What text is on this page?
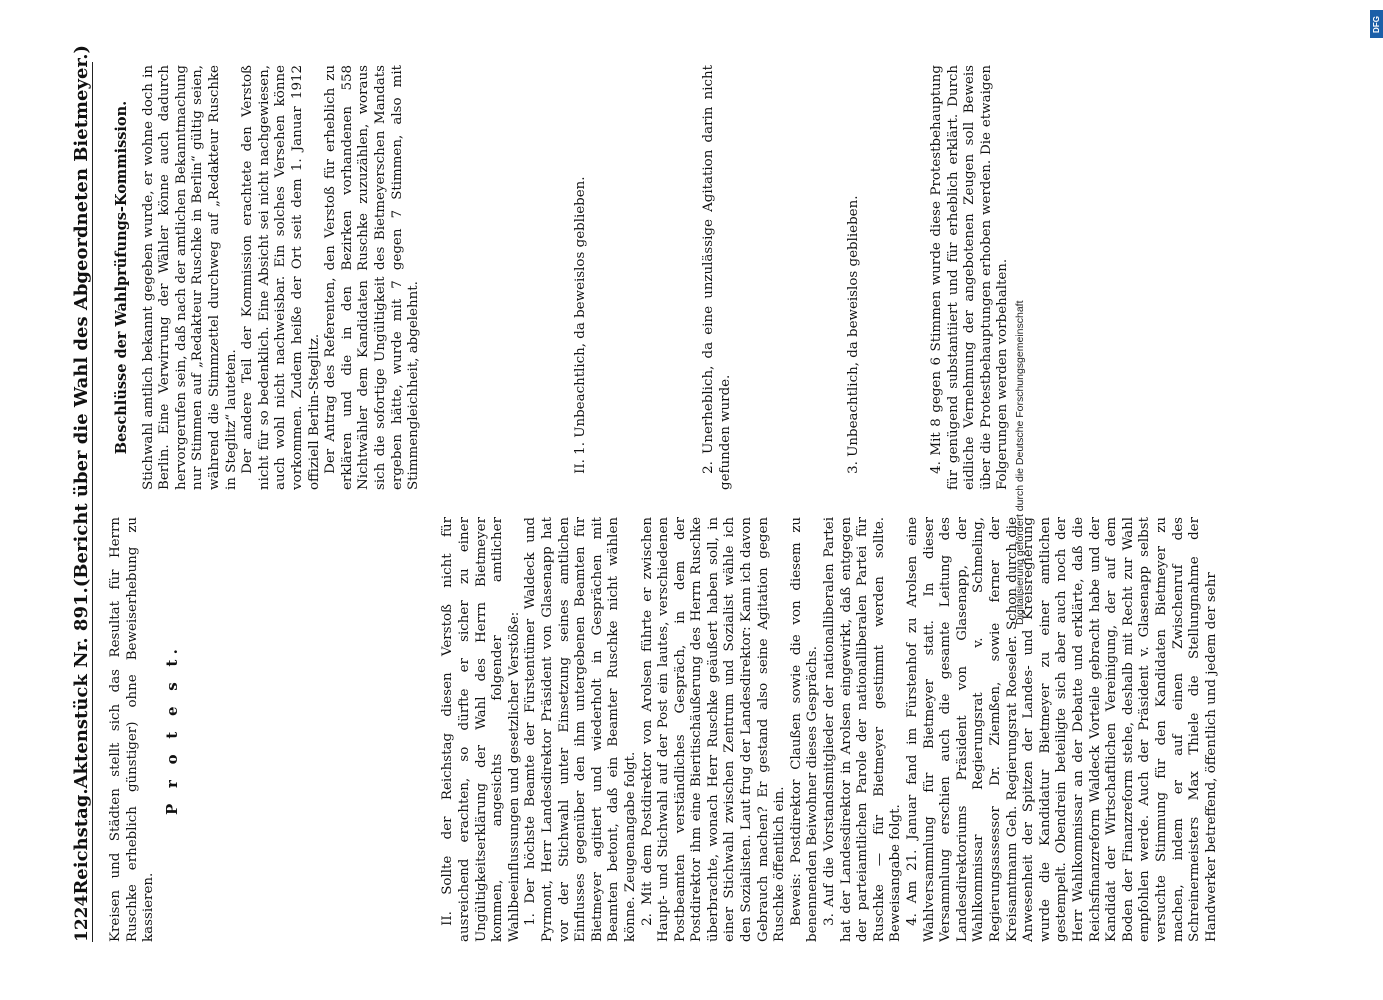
1224
Reichstag.
Aktenstück Nr. 891.
(Bericht über die Wahl des Abgeordneten Bietmeyer.)

Kreisen und Städten stellt sich das Resultat für Herrn Ruschke erheblich günstiger) ohne Beweiserhebung zu kassieren.

P r o t e s t.	II. Sollte der Reichstag diesen Verstoß nicht für ausreichend erachten, so dürfte er sicher zu einer Ungültigkeitserklärung der Wahl des Herrn Bietmeyer kommen, angesichts folgender amtlicher Wahlbeeinflussungen und gesetzlicher Verstöße: 1. Der höchste Beamte der Fürstentümer Waldeck und Pyrmont, Herr Landesdirektor Präsident von Glasenapp hat vor der Stichwahl unter Einsetzung seines amtlichen Einflusses gegenüber den ihm untergebenen Beamten für Bietmeyer agitiert und wiederholt in Gesprächen mit Beamten betont, daß ein Beamter Ruschke nicht wählen könne. Zeugenangabe folgt. 2. Mit dem Postdirektor von Arolsen führte er zwischen Haupt- und Stichwahl auf der Post ein lautes, verschiedenen Postbeamten verständliches Gespräch, in dem der Postdirektor ihm eine Bieritischäußerung des Herrn Ruschke überbrachte, wonach Herr Ruschke geäußert haben soll, in einer Stichwahl zwischen Zentrum und Sozialist wähle ich den Sozialisten. Laut frug der Landesdirektor: Kann ich davon Gebrauch machen? Er gestand also seine Agitation gegen Ruschke öffentlich ein. Beweis: Postdirektor Claußen sowie die von diesem zu benennenden Beiwohner dieses Gesprächs. 3. Auf die Vorstandsmitglieder der nationalliberalen Partei hat der Landesdirektor in Arolsen eingewirkt, daß entgegen der parteiamtlichen Parole der nationalliberalen Partei für Ruschke — für Bietmeyer gestimmt werden sollte. Beweisangabe folgt. 4. Am 21. Januar fand im Fürstenhof zu Arolsen eine Wahlversammlung für Bietmeyer statt. In dieser Versammlung erschien auch die gesamte Leitung des Landesdirektoriums Präsident von Glasenapp, der Wahlkommissar Regierungsrat v. Schmeling, Regierungsassessor Dr. Ziemßen, sowie ferner der Kreisamtmann Geh. Regierungsrat Roeseler. Schon durch die Anwesenheit der Spitzen der Landes- und Kreisregierung wurde die Kandidatur Bietmeyer zu einer amtlichen gestempelt. Obendrein beteiligte sich aber auch noch der Herr Wahlkommissar an der Debatte und erklärte, daß die Reichsfinanzreform Waldeck Vorteile gebracht habe und der Kandidat der Wirtschaftlichen Vereinigung, der auf dem Boden der Finanzreform stehe, deshalb mit Recht zur Wahl empfohlen werde. Auch der Präsident v. Glasenapp selbst versuchte Stimmung für den Kandidaten Bietmeyer zu machen, indem er auf einen Zwischenruf des Schreinermeisters Max Thiele die Stellungnahme der Handwerker betreffend, öffentlich und jedem der sehr

Beschlüsse der Wahlprüfungs-Kommission. Stichwahl amtlich bekannt gegeben wurde, er wohne doch in Berlin. Eine Verwirrung der Wähler könne auch dadurch hervorgerufen sein, daß nach der amtlichen Bekanntmachung nur Stimmen auf „Redakteur Ruschke in Berlin“ gültig seien, während die Stimmzettel durchweg auf „Redakteur Ruschke in Steglitz“ lauteten. Der andere Teil der Kommission erachtete den Verstoß nicht für so bedenklich. Eine Absicht sei nicht nachgewiesen, auch wohl nicht nachweisbar. Ein solches Versehen könne vorkommen. Zudem heiße der Ort seit dem 1. Januar 1912 offiziell Berlin-Steglitz. Der Antrag des Referenten, den Verstoß für erheblich zu erklären und die in den Bezirken vorhandenen 558 Nichtwähler dem Kandidaten Ruschke zuzuzählen, woraus sich die sofortige Ungültigkeit des Bietmeyerschen Mandats ergeben hätte, wurde mit 7 gegen 7 Stimmen, also mit Stimmengleichheit, abgelehnt.	II. 1. Unbeachtlich, da beweislos geblieben.	2. Unerheblich, da eine unzulässige Agitation darin nicht gefunden wurde.	3. Unbeachtlich, da beweislos geblieben.	4. Mit 8 gegen 6 Stimmen wurde diese Protestbehauptung für genügend substantiiert und für erheblich erklärt. Durch eidliche Vernehmung der angebotenen Zeugen soll Beweis über die Protestbehauptungen erhoben werden. Die etwaigen Folgerungen werden vorbehalten. Digitalisierung gefördert durch die Deutsche Forschungsgemeinschaft
DFG
